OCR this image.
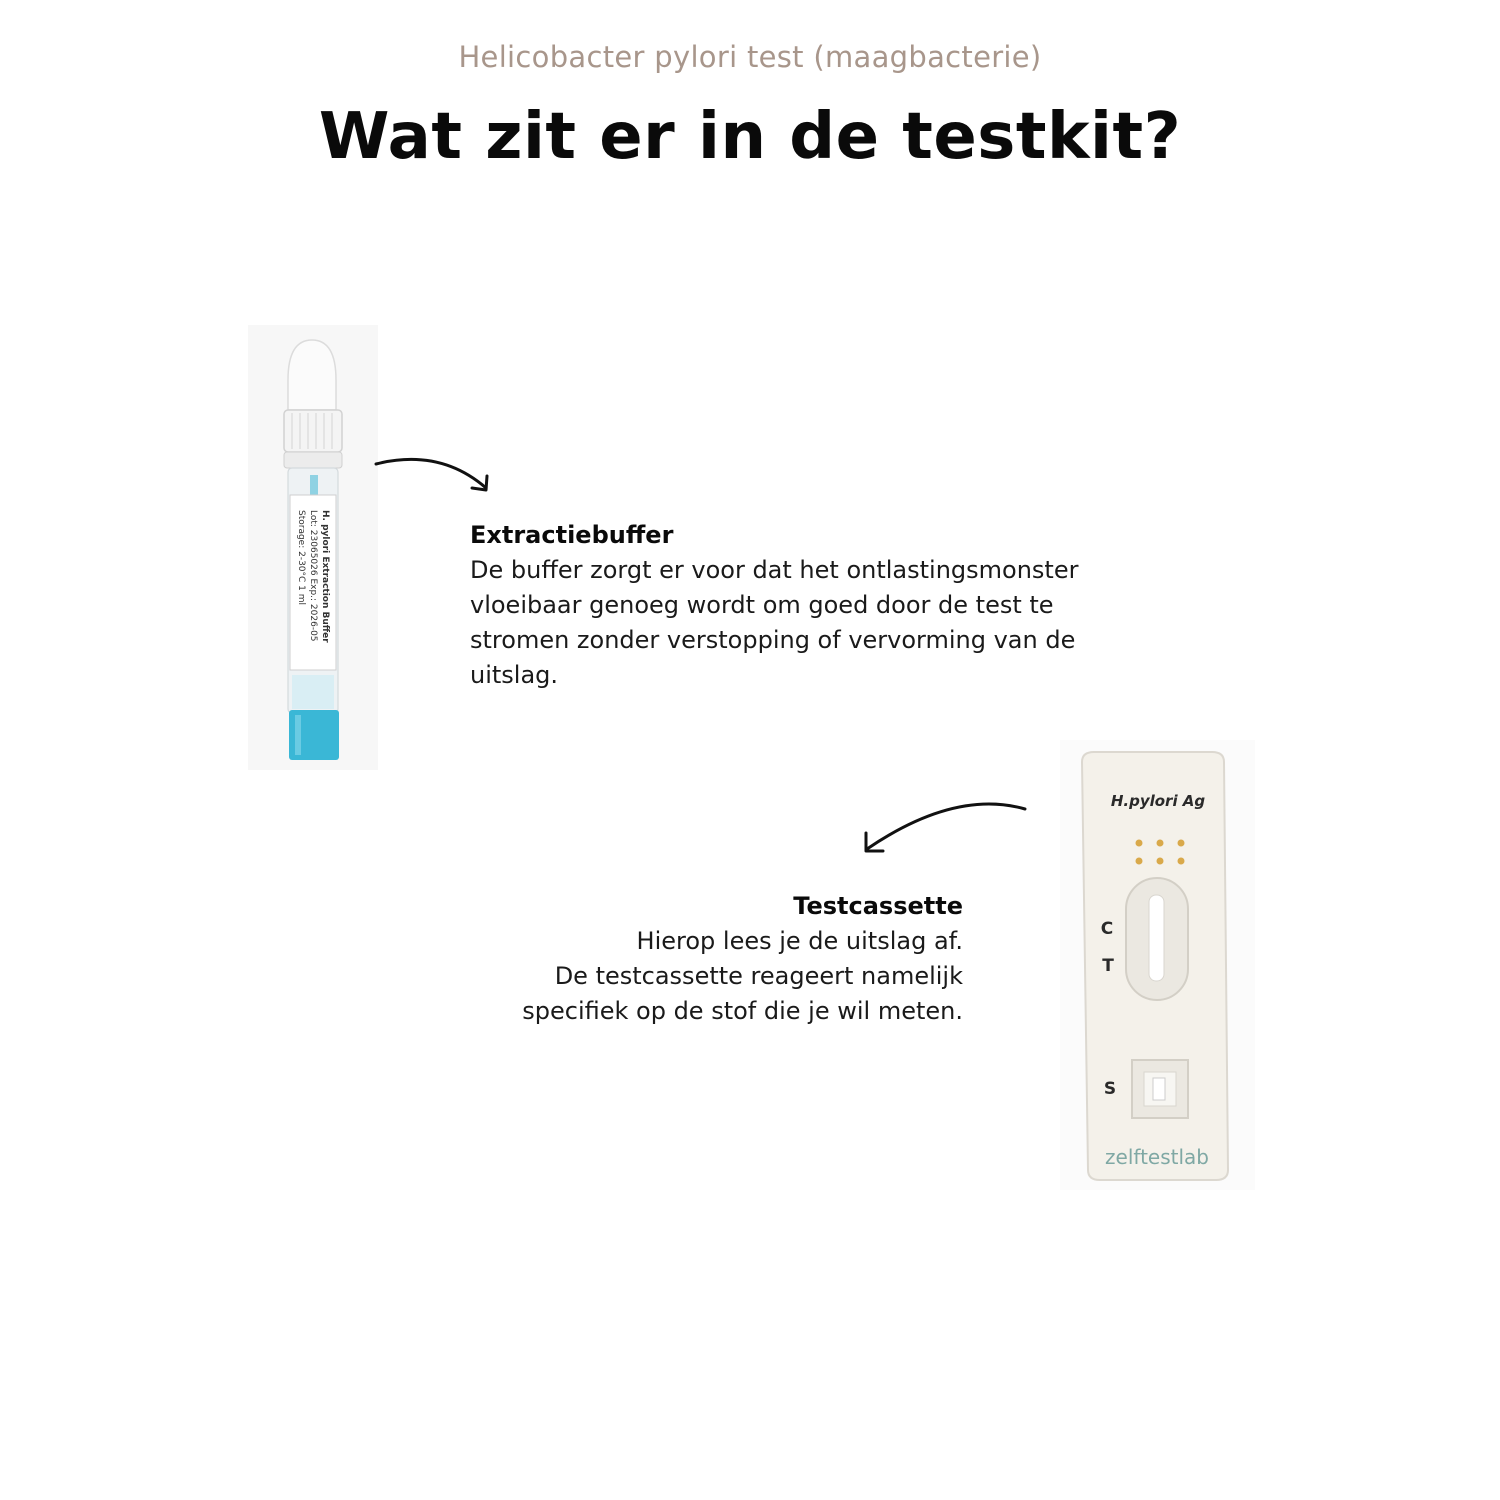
Helicobacter pylori test (maagbacterie)
Wat zit er in de testkit?
H. pylori Extraction Buffer
Lot: 23065026 Exp.: 2026-05
Storage: 2-30°C 1 ml	Extractiebuffer
De buffer zorgt er voor dat het ontlastingsmonster
vloeibaar genoeg wordt om goed door de test te
stromen zonder verstopping of vervorming van de
uitslag.
Testcassette
Hierop lees je de uitslag af.
De testcassette reageert namelijk
specifiek op de stof die je wil meten.
H.pylori Ag
C
T
S
zelftestlab
